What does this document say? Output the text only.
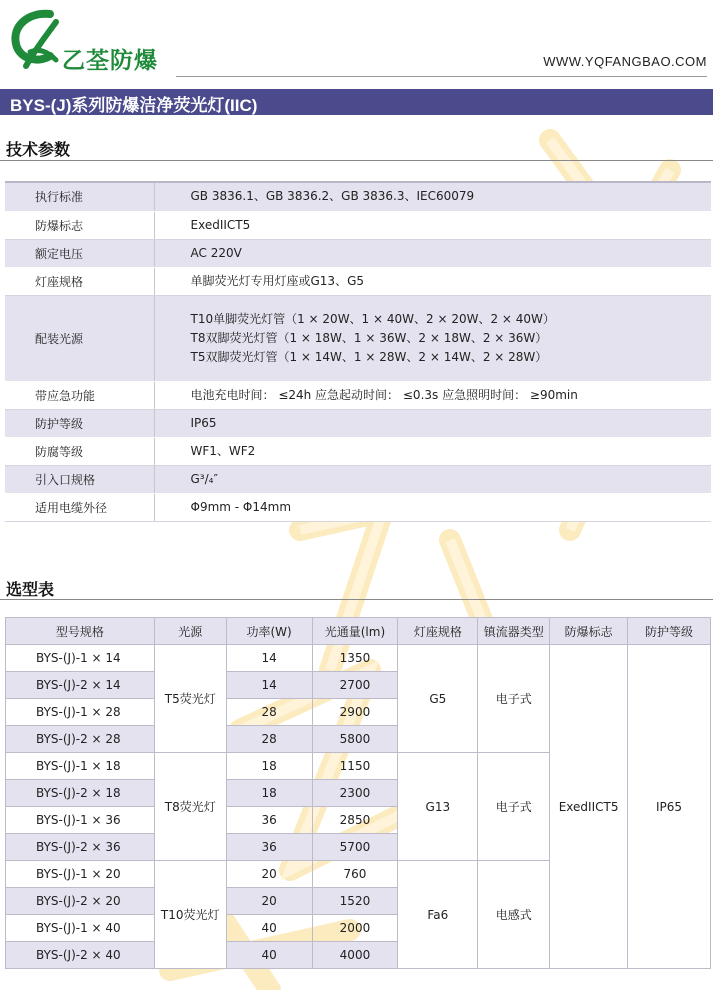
乙荃防爆	WWW.YQFANGBAO.COM
BYS-(J)系列防爆洁净荧光灯(IIC)
技术参数
执行标准	GB 3836.1、GB 3836.2、GB 3836.3、IEC60079

防爆标志	ExedIICT5

额定电压	AC 220V

灯座规格	单脚荧光灯专用灯座或G13、G5

配装光源	T10单脚荧光灯管（1 × 20W、1 × 40W、2 × 20W、2 × 40W）
T8双脚荧光灯管（1 × 18W、1 × 36W、2 × 18W、2 × 36W）
T5双脚荧光灯管（1 × 14W、1 × 28W、2 × 14W、2 × 28W）

带应急功能	电池充电时间： ≤24h 应急起动时间： ≤0.3s 应急照明时间： ≥90min

防护等级	IP65

防腐等级	WF1、WF2

引入口规格	G³/₄″

适用电缆外径	Φ9mm - Φ14mm
选型表
型号规格	光源	功率(W)	光通量(lm)	灯座规格	镇流器类型	防爆标志	防护等级
BYS-(J)-1 × 14	T5荧光灯	14	1350	G5	电子式	ExedIICT5	IP65
BYS-(J)-2 × 14		14	2700				
BYS-(J)-1 × 28		28	2900				
BYS-(J)-2 × 28		28	5800				
BYS-(J)-1 × 18	T8荧光灯	18	1150	G13	电子式		
BYS-(J)-2 × 18		18	2300				
BYS-(J)-1 × 36		36	2850				
BYS-(J)-2 × 36		36	5700				
BYS-(J)-1 × 20	T10荧光灯	20	760	Fa6	电感式		
BYS-(J)-2 × 20		20	1520				
BYS-(J)-1 × 40		40	2000				
BYS-(J)-2 × 40		40	4000				
